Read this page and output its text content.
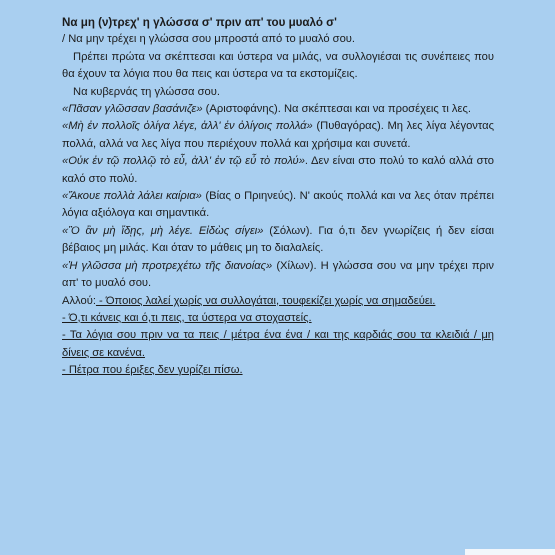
Να μη (ν)τρεχ' η γλώσσα σ' πριν απ' του μυαλό σ'

/ Να μην τρέχει η γλώσσα σου μπροστά από το μυαλό σου.

Πρέπει πρώτα να σκέπτεσαι και ύστερα να μιλάς, να συλλογιέσαι τις συνέπειες που θα έχουν τα λόγια που θα πεις και ύστερα να τα εκστομίζεις.

Να κυβερνάς τη γλώσσα σου.

«Πᾶσαν γλῶσσαν βασάνιζε» (Αριστοφάνης). Να σκέπτεσαι και να προσέχεις τι λες.

«Μὴ ἐν πολλοῖς ὀλίγα λέγε, ἀλλ' ἐν ὀλίγοις πολλά» (Πυθαγόρας). Μη λες λίγα λέγοντας πολλά, αλλά να λες λίγα που περιέχουν πολλά και χρήσιμα και συνετά.

«Οὐκ ἐν τῷ πολλῷ τὸ εὖ, ἀλλ' ἐν τῷ εὖ τὸ πολύ». Δεν είναι στο πολύ το καλό αλλά στο καλό στο πολύ.

«Ἄκουε πολλὰ λάλει καίρια» (Βίας ο Πριηνεύς). Ν' ακούς πολλά και να λες όταν πρέπει λόγια αξιόλογα και σημαντικά.

«Ὃ ἂν μὴ ἴδῃς, μὴ λέγε. Εἰδὼς σίγει» (Σόλων). Για ό,τι δεν γνωρίζεις ή δεν είσαι βέβαιος μη μιλάς. Και όταν το μάθεις μη το διαλαλείς.

«Ἡ γλῶσσα μὴ προτρεχέτω τῆς διανοίας» (Χίλων). Η γλώσσα σου να μην τρέχει πριν απ' το μυαλό σου.

Αλλού: - Όποιος λαλεί χωρίς να συλλογάται, τουφεκίζει χωρίς να σημαδεύει.

- Ό,τι κάνεις και ό,τι πεις, τα ύστερα να στοχαστείς.

- Τα λόγια σου πριν να τα πεις / μέτρα ένα ένα / και της καρδιάς σου τα κλειδιά / μη δίνεις σε κανένα.

- Πέτρα που έριξες δεν γυρίζει πίσω.
